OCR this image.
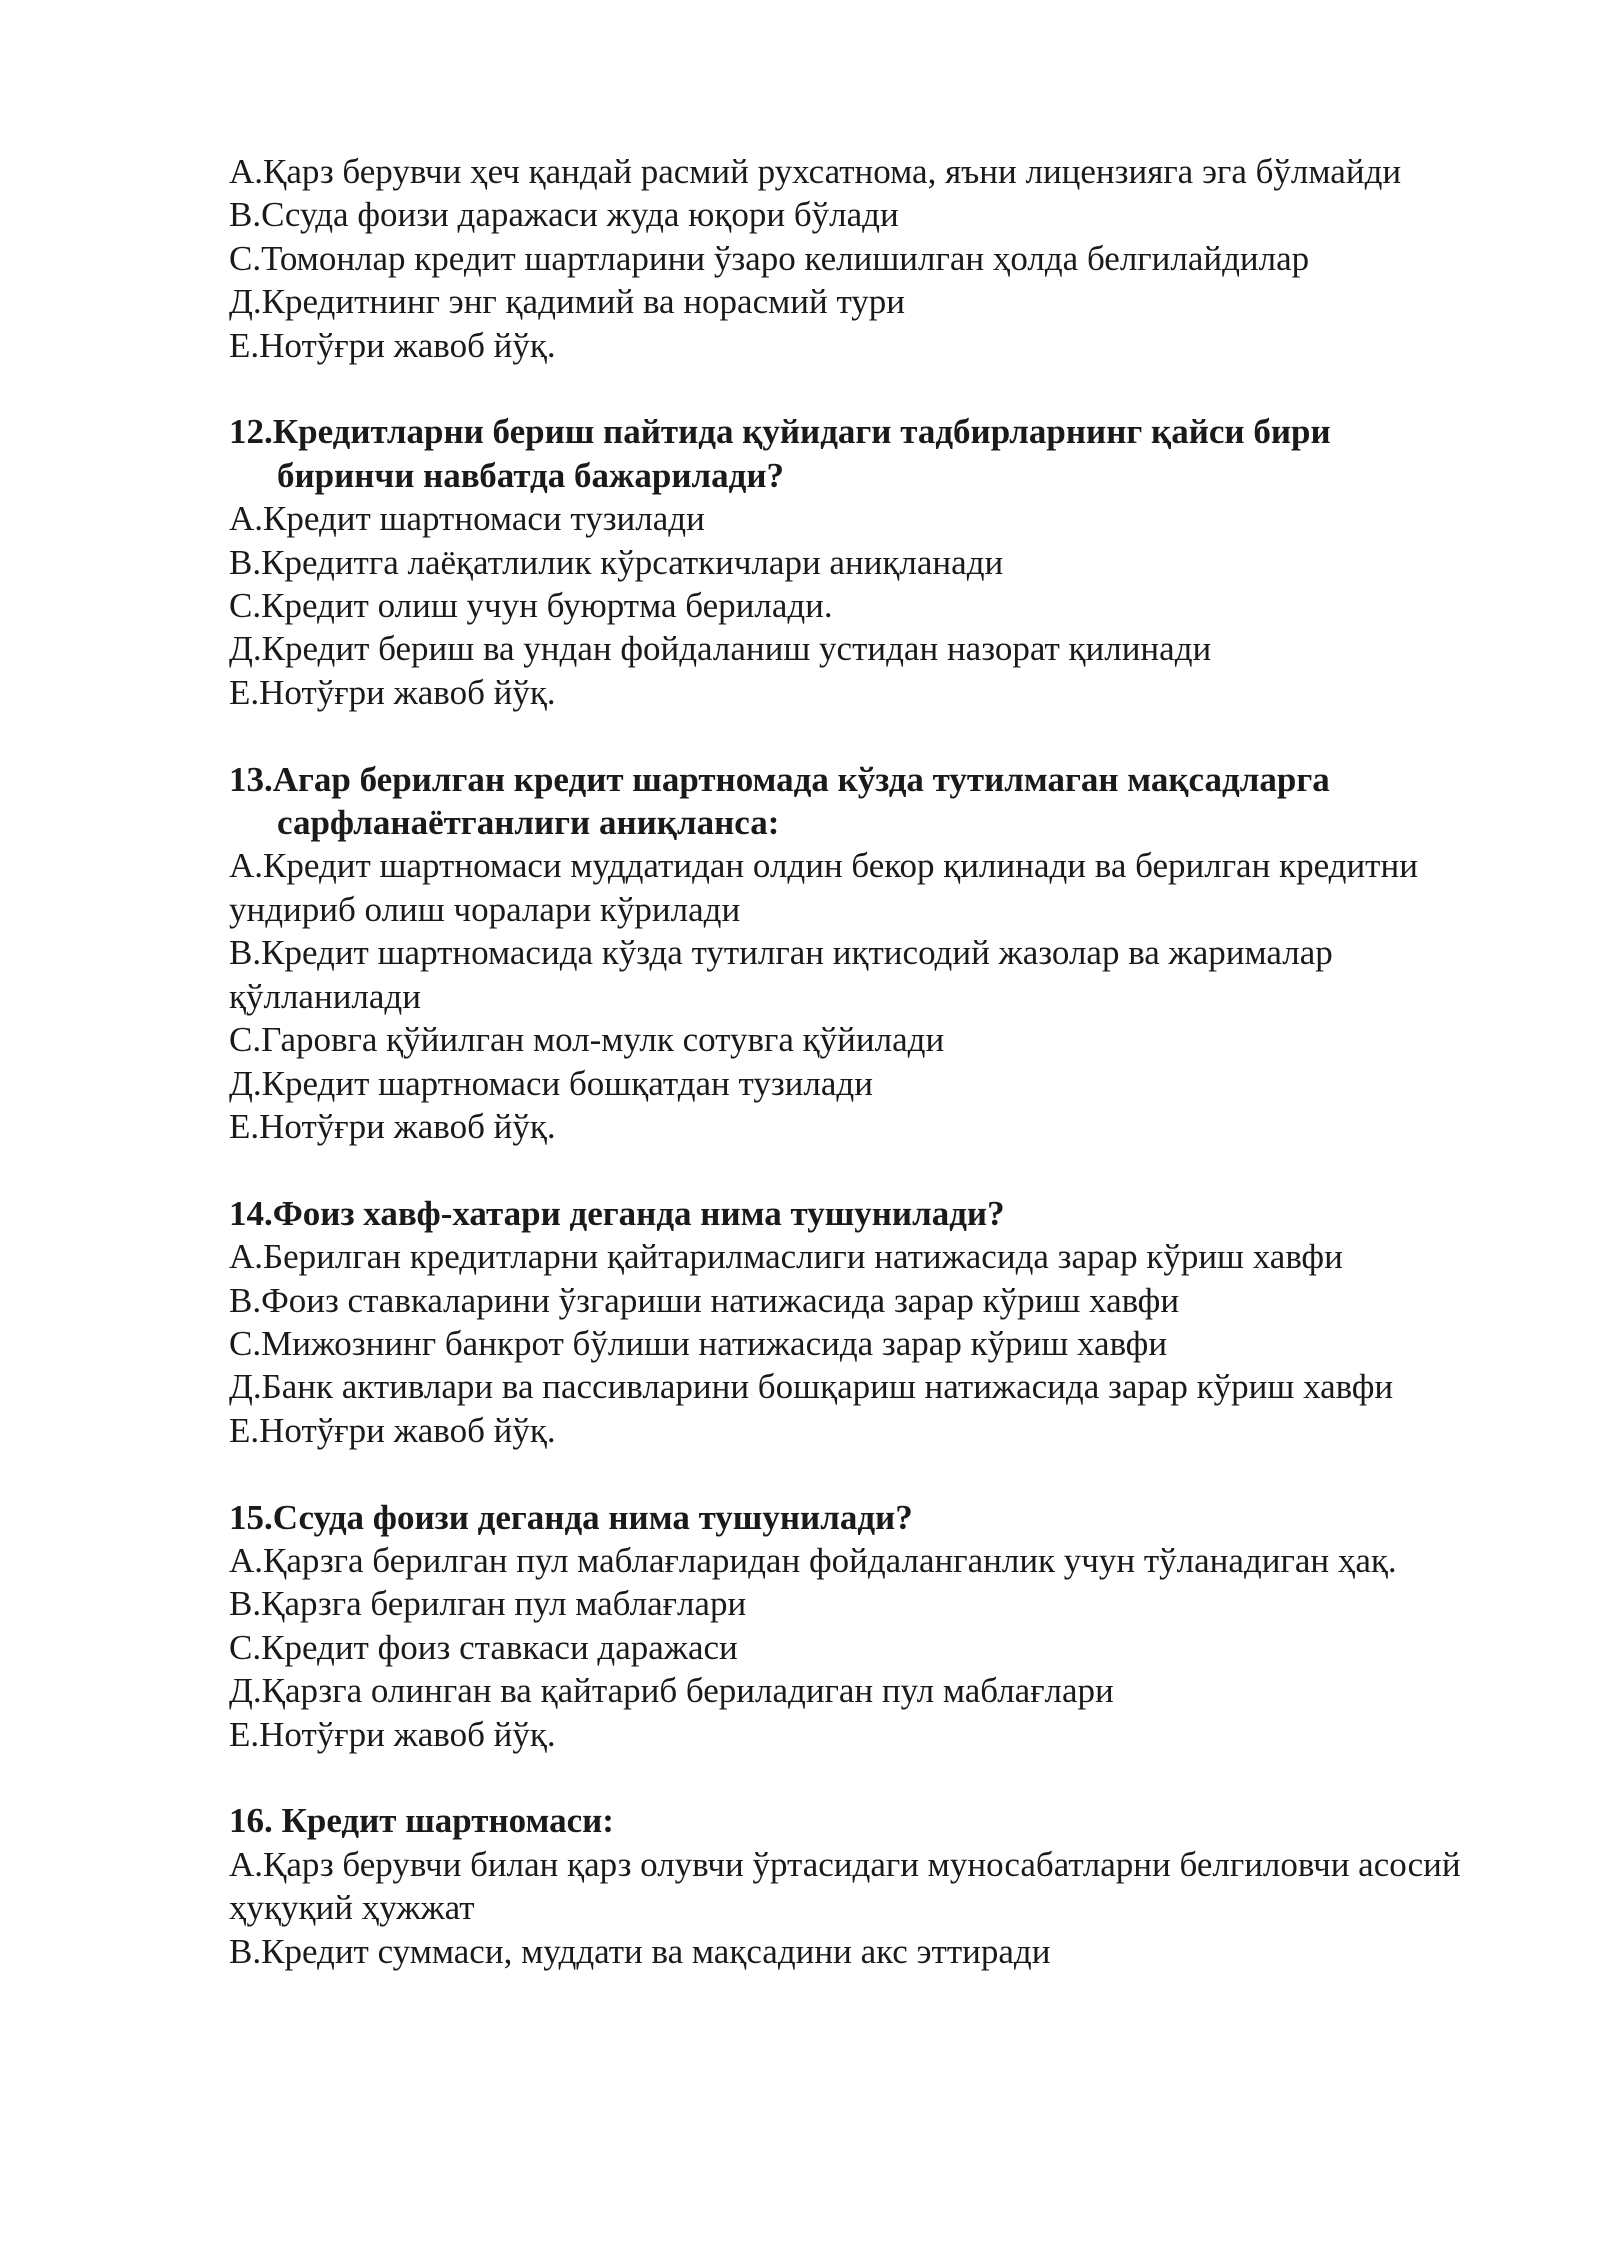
A.Қарз берувчи ҳеч қандай расмий рухсатнома, яъни лицензияга эга бўлмайди

В.Ссуда фоизи даражаси жуда юқори бўлади

С.Томонлар кредит шартларини ўзаро келишилган ҳолда белгилайдилар

Д.Кредитнинг энг қадимий ва норасмий тури

Е.Нотўғри жавоб йўқ.

12.Кредитларни бериш пайтида қуйидаги тадбирларнинг қайси бири биринчи навбатда бажарилади?

А.Кредит шартномаси тузилади

В.Кредитга лаёқатлилик кўрсаткичлари аниқланади

С.Кредит олиш учун буюртма берилади.

Д.Кредит бериш ва ундан фойдаланиш устидан назорат қилинади

Е.Нотўғри жавоб йўқ.

13.Агар берилган кредит шартномада кўзда тутилмаган мақсадларга сарфланаётганлиги аниқланса:

А.Кредит шартномаси муддатидан олдин бекор қилинади ва берилган кредитни ундириб олиш чоралари кўрилади

В.Кредит шартномасида кўзда тутилган иқтисодий жазолар ва жарималар қўлланилади

С.Гаровга қўйилган мол-мулк сотувга қўйилади

Д.Кредит шартномаси бошқатдан тузилади

Е.Нотўғри жавоб йўқ.

14.Фоиз хавф-хатари деганда нима тушунилади?

А.Берилган кредитларни қайтарилмаслиги натижасида зарар кўриш хавфи

В.Фоиз ставкаларини ўзгариши натижасида зарар кўриш хавфи

С.Мижознинг банкрот бўлиши натижасида зарар кўриш хавфи

Д.Банк активлари ва пассивларини бошқариш натижасида зарар кўриш хавфи

Е.Нотўғри жавоб йўқ.

15.Ссуда фоизи деганда нима тушунилади?

А.Қарзга берилган пул маблағларидан фойдаланганлик учун тўланадиган ҳақ.

В.Қарзга берилган пул маблағлари

С.Кредит фоиз ставкаси даражаси

Д.Қарзга олинган ва қайтариб бериладиган пул маблағлари

Е.Нотўғри жавоб йўқ.

16. Кредит шартномаси:

А.Қарз берувчи билан қарз олувчи ўртасидаги муносабатларни белгиловчи асосий ҳуқуқий ҳужжат

В.Кредит суммаси, муддати ва мақсадини акс эттиради
